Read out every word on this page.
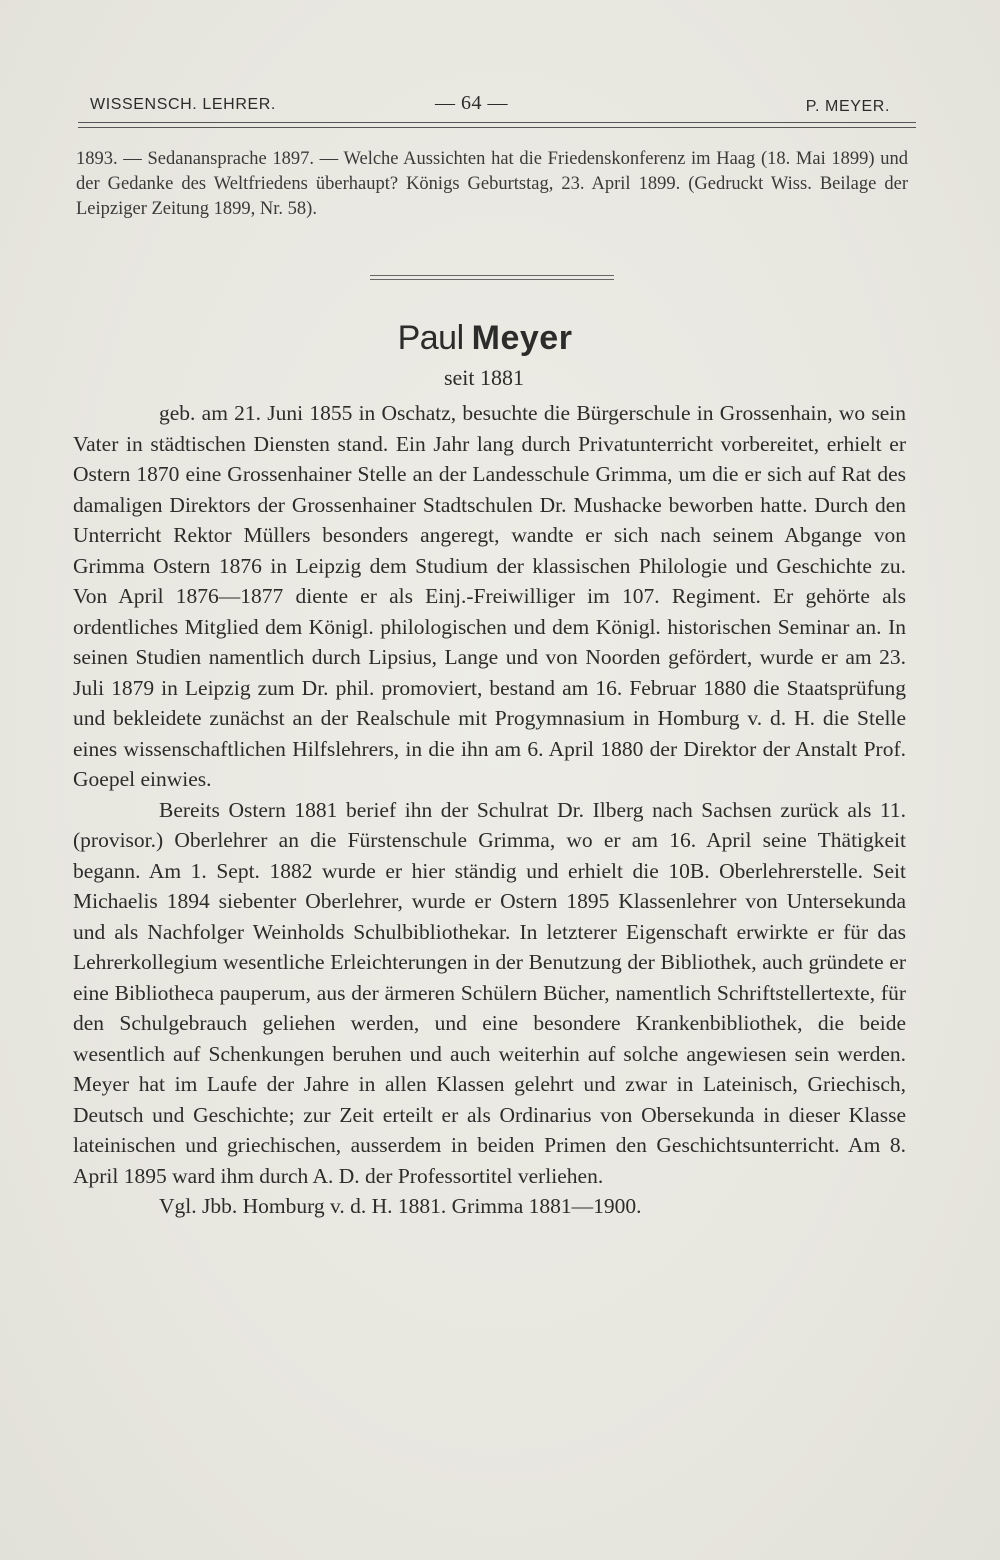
WISSENSCH. LEHRER.	— 64 —	P. MEYER.
1893. — Sedanansprache 1897. — Welche Aussichten hat die Friedenskonferenz im Haag (18. Mai 1899) und der Gedanke des Weltfriedens überhaupt? Königs Geburtstag, 23. April 1899. (Gedruckt Wiss. Beilage der Leipziger Zeitung 1899, Nr. 58).
Paul Meyer
seit 1881

geb. am 21. Juni 1855 in Oschatz, besuchte die Bürgerschule in Grossenhain, wo sein Vater in städtischen Diensten stand. Ein Jahr lang durch Privatunterricht vorbereitet, erhielt er Ostern 1870 eine Grossenhainer Stelle an der Landesschule Grimma, um die er sich auf Rat des damaligen Direktors der Grossenhainer Stadtschulen Dr. Mushacke beworben hatte. Durch den Unterricht Rektor Müllers besonders angeregt, wandte er sich nach seinem Abgange von Grimma Ostern 1876 in Leipzig dem Studium der klassischen Philologie und Geschichte zu. Von April 1876—1877 diente er als Einj.-Freiwilliger im 107. Regiment. Er gehörte als ordentliches Mitglied dem Königl. philologischen und dem Königl. historischen Seminar an. In seinen Studien namentlich durch Lipsius, Lange und von Noorden gefördert, wurde er am 23. Juli 1879 in Leipzig zum Dr. phil. promoviert, bestand am 16. Februar 1880 die Staatsprüfung und bekleidete zunächst an der Realschule mit Progymnasium in Homburg v. d. H. die Stelle eines wissenschaftlichen Hilfslehrers, in die ihn am 6. April 1880 der Direktor der Anstalt Prof. Goepel einwies.

Bereits Ostern 1881 berief ihn der Schulrat Dr. Ilberg nach Sachsen zurück als 11. (provisor.) Oberlehrer an die Fürstenschule Grimma, wo er am 16. April seine Thätigkeit begann. Am 1. Sept. 1882 wurde er hier ständig und erhielt die 10B. Oberlehrerstelle. Seit Michaelis 1894 siebenter Oberlehrer, wurde er Ostern 1895 Klassenlehrer von Untersekunda und als Nachfolger Weinholds Schulbibliothekar. In letzterer Eigenschaft erwirkte er für das Lehrerkollegium wesentliche Erleichterungen in der Benutzung der Bibliothek, auch gründete er eine Bibliotheca pauperum, aus der ärmeren Schülern Bücher, namentlich Schriftstellertexte, für den Schulgebrauch geliehen werden, und eine besondere Krankenbibliothek, die beide wesentlich auf Schenkungen beruhen und auch weiterhin auf solche angewiesen sein werden. Meyer hat im Laufe der Jahre in allen Klassen gelehrt und zwar in Lateinisch, Griechisch, Deutsch und Geschichte; zur Zeit erteilt er als Ordinarius von Obersekunda in dieser Klasse lateinischen und griechischen, ausserdem in beiden Primen den Geschichtsunterricht. Am 8. April 1895 ward ihm durch A. D. der Professortitel verliehen.

Vgl. Jbb. Homburg v. d. H. 1881. Grimma 1881—1900.
